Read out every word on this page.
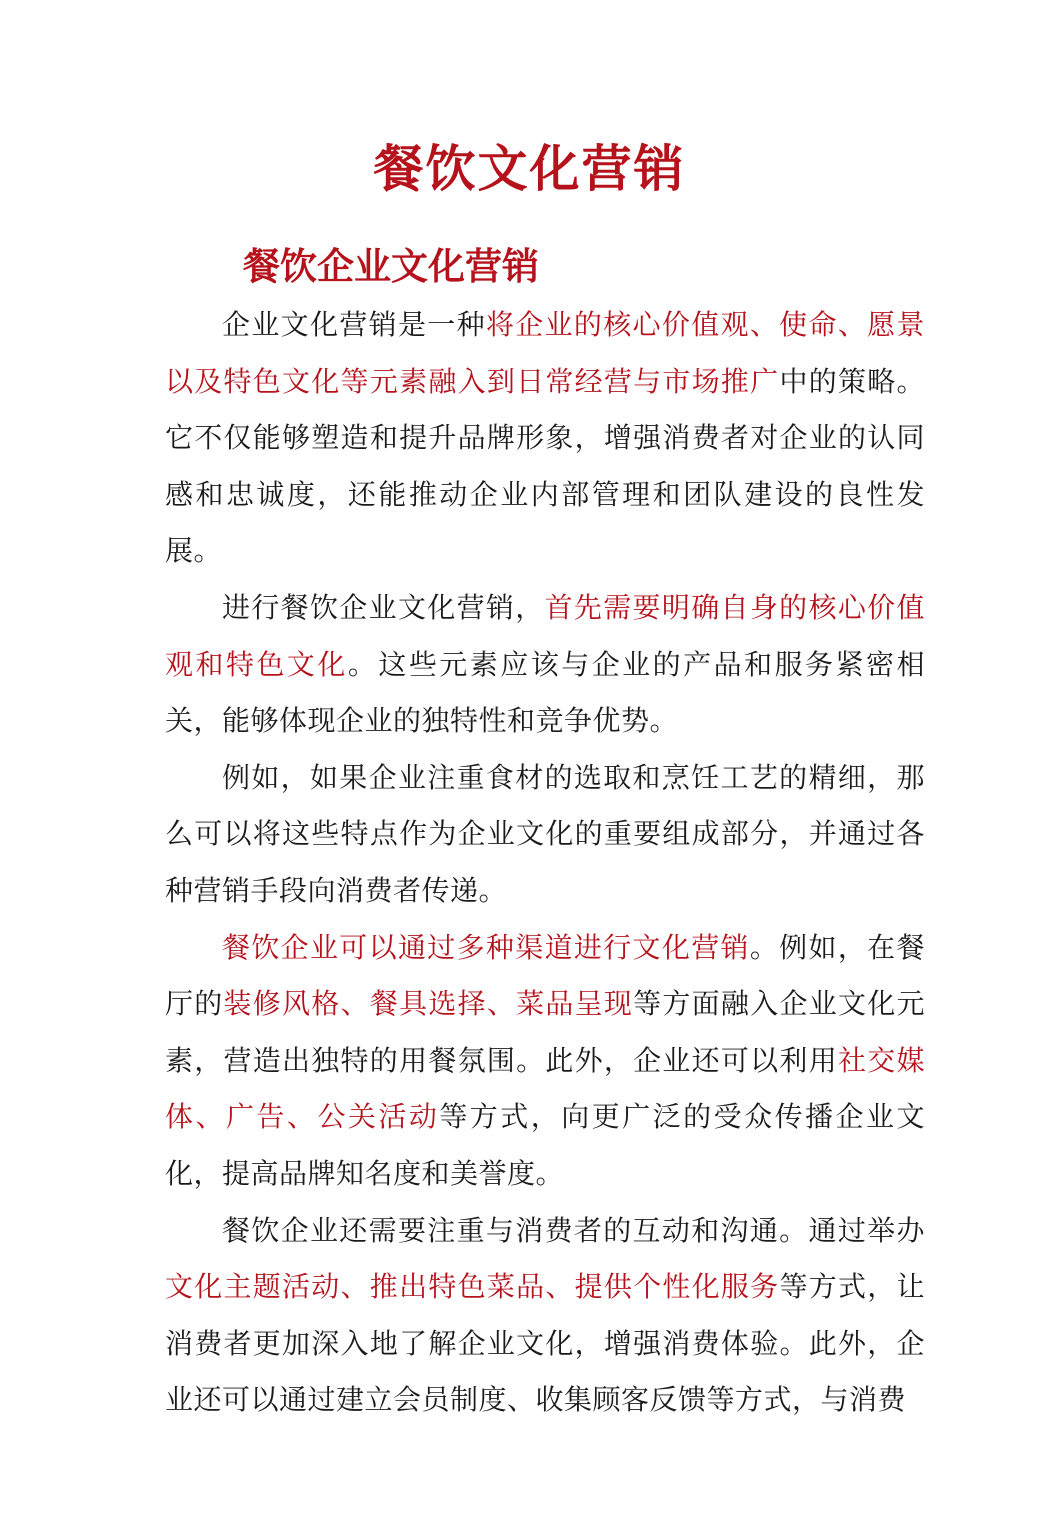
餐饮文化营销
餐饮企业文化营销

企业文化营销是一种将企业的核心价值观、使命、愿景以及特色文化等元素融入到日常经营与市场推广中的策略。它不仅能够塑造和提升品牌形象，增强消费者对企业的认同感和忠诚度，还能推动企业内部管理和团队建设的良性发展。

进行餐饮企业文化营销，首先需要明确自身的核心价值观和特色文化。这些元素应该与企业的产品和服务紧密相关，能够体现企业的独特性和竞争优势。

例如，如果企业注重食材的选取和烹饪工艺的精细，那么可以将这些特点作为企业文化的重要组成部分，并通过各种营销手段向消费者传递。

餐饮企业可以通过多种渠道进行文化营销。例如，在餐厅的装修风格、餐具选择、菜品呈现等方面融入企业文化元素，营造出独特的用餐氛围。此外，企业还可以利用社交媒体、广告、公关活动等方式，向更广泛的受众传播企业文化，提高品牌知名度和美誉度。

餐饮企业还需要注重与消费者的互动和沟通。通过举办文化主题活动、推出特色菜品、提供个性化服务等方式，让消费者更加深入地了解企业文化，增强消费体验。此外，企业还可以通过建立会员制度、收集顾客反馈等方式，与消费
